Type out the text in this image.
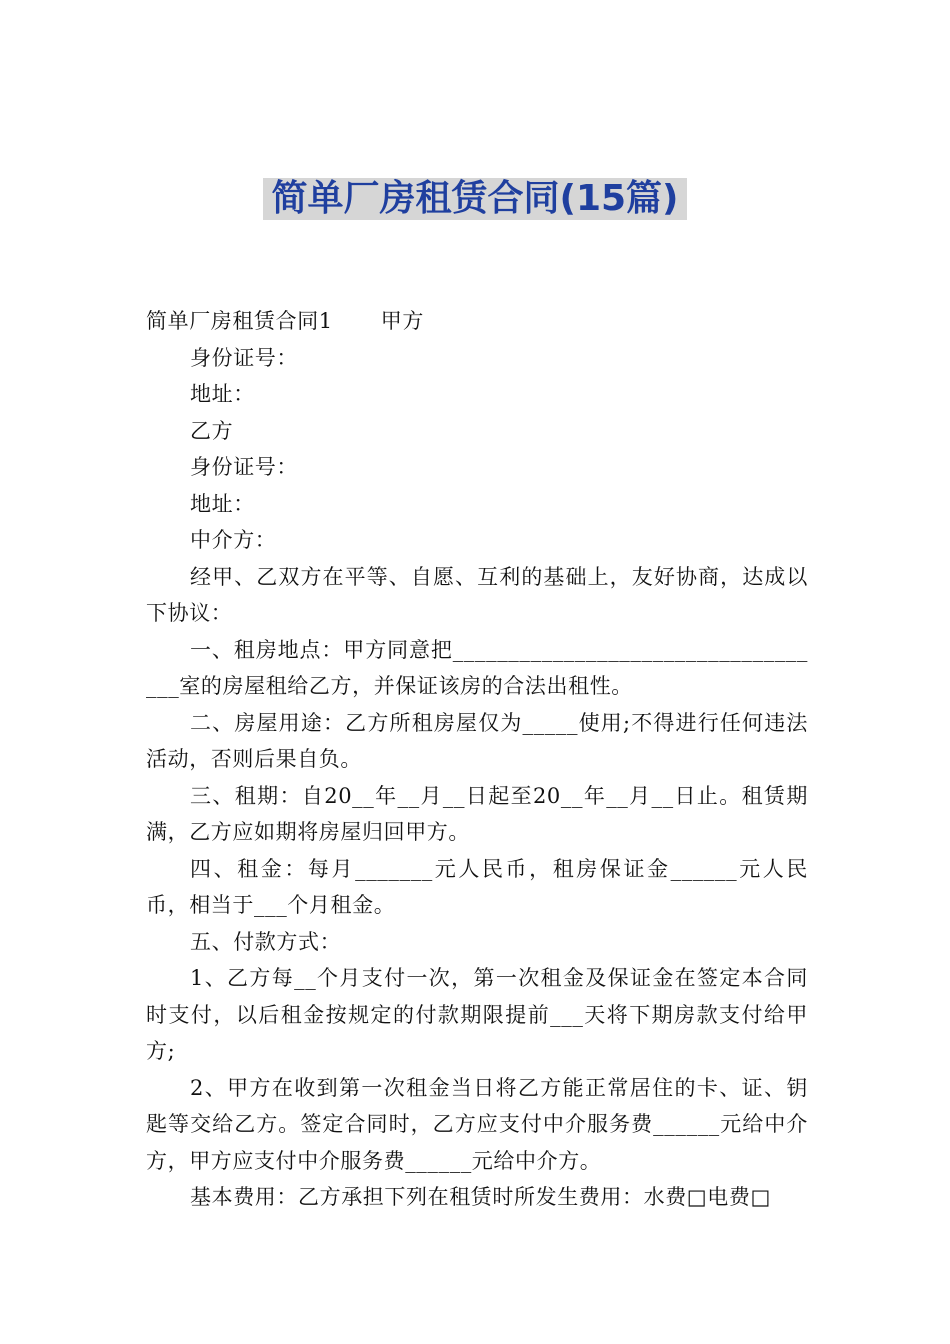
简单厂房租赁合同(15篇)

简单厂房租赁合同1 甲方

身份证号：

地址：

乙方

身份证号：

地址：

中介方：

经甲、乙双方在平等、自愿、互利的基础上，友好协商，达成以下协议：

一、租房地点：甲方同意把________________________________ ___室的房屋租给乙方，并保证该房的合法出租性。

二、房屋用途：乙方所租房屋仅为_____使用;不得进行任何违法活动，否则后果自负。

三、租期：自20__年__月__日起至20__年__月__日止。租赁期满，乙方应如期将房屋归回甲方。

四、租金：每月_______元人民币，租房保证金______元人民币，相当于___个月租金。

五、付款方式：

1、乙方每__个月支付一次，第一次租金及保证金在签定本合同时支付，以后租金按规定的付款期限提前___天将下期房款支付给甲方;

2、甲方在收到第一次租金当日将乙方能正常居住的卡、证、钥匙等交给乙方。签定合同时，乙方应支付中介服务费______元给中介方，甲方应支付中介服务费______元给中介方。

基本费用：乙方承担下列在租赁时所发生费用：水费□电费□
